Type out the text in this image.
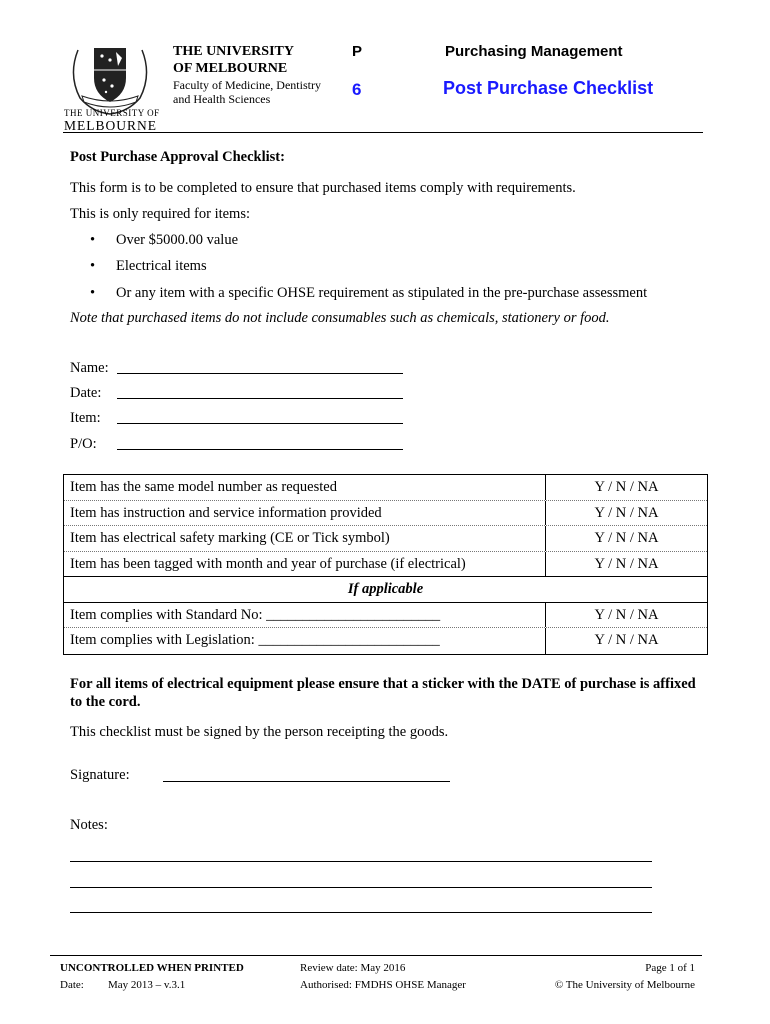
THE UNIVERSITY OF
MELBOURNE
THE UNIVERSITY
OF MELBOURNE
Faculty of Medicine, Dentistry
and Health Sciences
P
6
Purchasing Management
Post Purchase Checklist
Post Purchase Approval Checklist:
This form is to be completed to ensure that purchased items comply with requirements.
This is only required for items:
• Over $5000.00 value
• Electrical items
• Or any item with a specific OHSE requirement as stipulated in the pre-purchase assessment
Note that purchased items do not include consumables such as chemicals, stationery or food.
Name:
Date:
Item:
P/O:
Item has the same model number as requested	Y / N / NA
Item has instruction and service information provided	Y / N / NA
Item has electrical safety marking (CE or Tick symbol)	Y / N / NA
Item has been tagged with month and year of purchase (if electrical)	Y / N / NA
If applicable
Item complies with Standard No: ________________________	Y / N / NA
Item complies with Legislation: _________________________	Y / N / NA
For all items of electrical equipment please ensure that a sticker with the DATE of purchase is affixed to the cord.
This checklist must be signed by the person receipting the goods.
Signature:
Notes:
UNCONTROLLED WHEN PRINTED
Date: May 2013 – v.3.1
Review date: May 2016
Authorised: FMDHS OHSE Manager
Page 1 of 1
© The University of Melbourne
